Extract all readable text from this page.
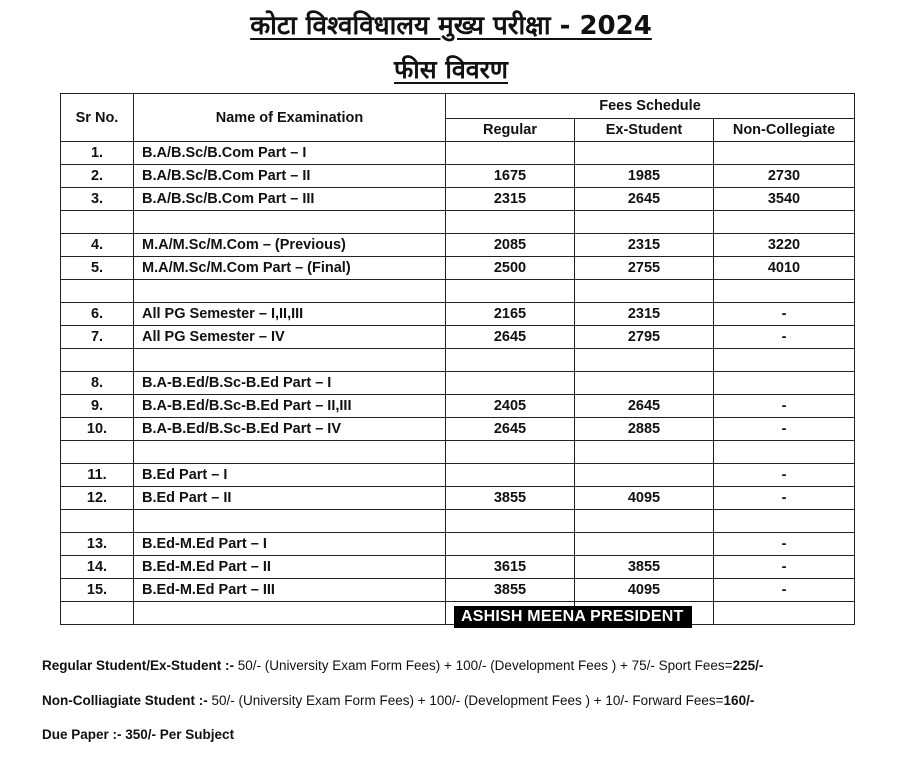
कोटा विश्वविधालय मुख्य परीक्षा - 2024
फीस विवरण
Sr No.	Name of Examination	Fees Schedule		
		Regular	Ex-Student	Non-Collegiate
1.	B.A/B.Sc/B.Com Part – I			
2.	B.A/B.Sc/B.Com Part – II	1675	1985	2730
3.	B.A/B.Sc/B.Com Part – III	2315	2645	3540

4.	M.A/M.Sc/M.Com – (Previous)	2085	2315	3220
5.	M.A/M.Sc/M.Com Part – (Final)	2500	2755	4010

6.	All PG Semester – I,II,III	2165	2315	-
7.	All PG Semester – IV	2645	2795	-

8.	B.A-B.Ed/B.Sc-B.Ed Part – I			
9.	B.A-B.Ed/B.Sc-B.Ed Part – II,III	2405	2645	-
10.	B.A-B.Ed/B.Sc-B.Ed Part – IV	2645	2885	-

11.	B.Ed Part – I			-
12.	B.Ed Part – II	3855	4095	-

13.	B.Ed-M.Ed Part – I			-
14.	B.Ed-M.Ed Part – II	3615	3855	-
15.	B.Ed-M.Ed Part – III	3855	4095	-

ASHISH MEENA PRESIDENT
Regular Student/Ex-Student :- 50/- (University Exam Form Fees) + 100/- (Development Fees ) + 75/- Sport Fees=225/-
Non-Colliagiate Student :- 50/- (University Exam Form Fees) + 100/- (Development Fees ) + 10/- Forward Fees=160/-
Due Paper :- 350/- Per Subject
